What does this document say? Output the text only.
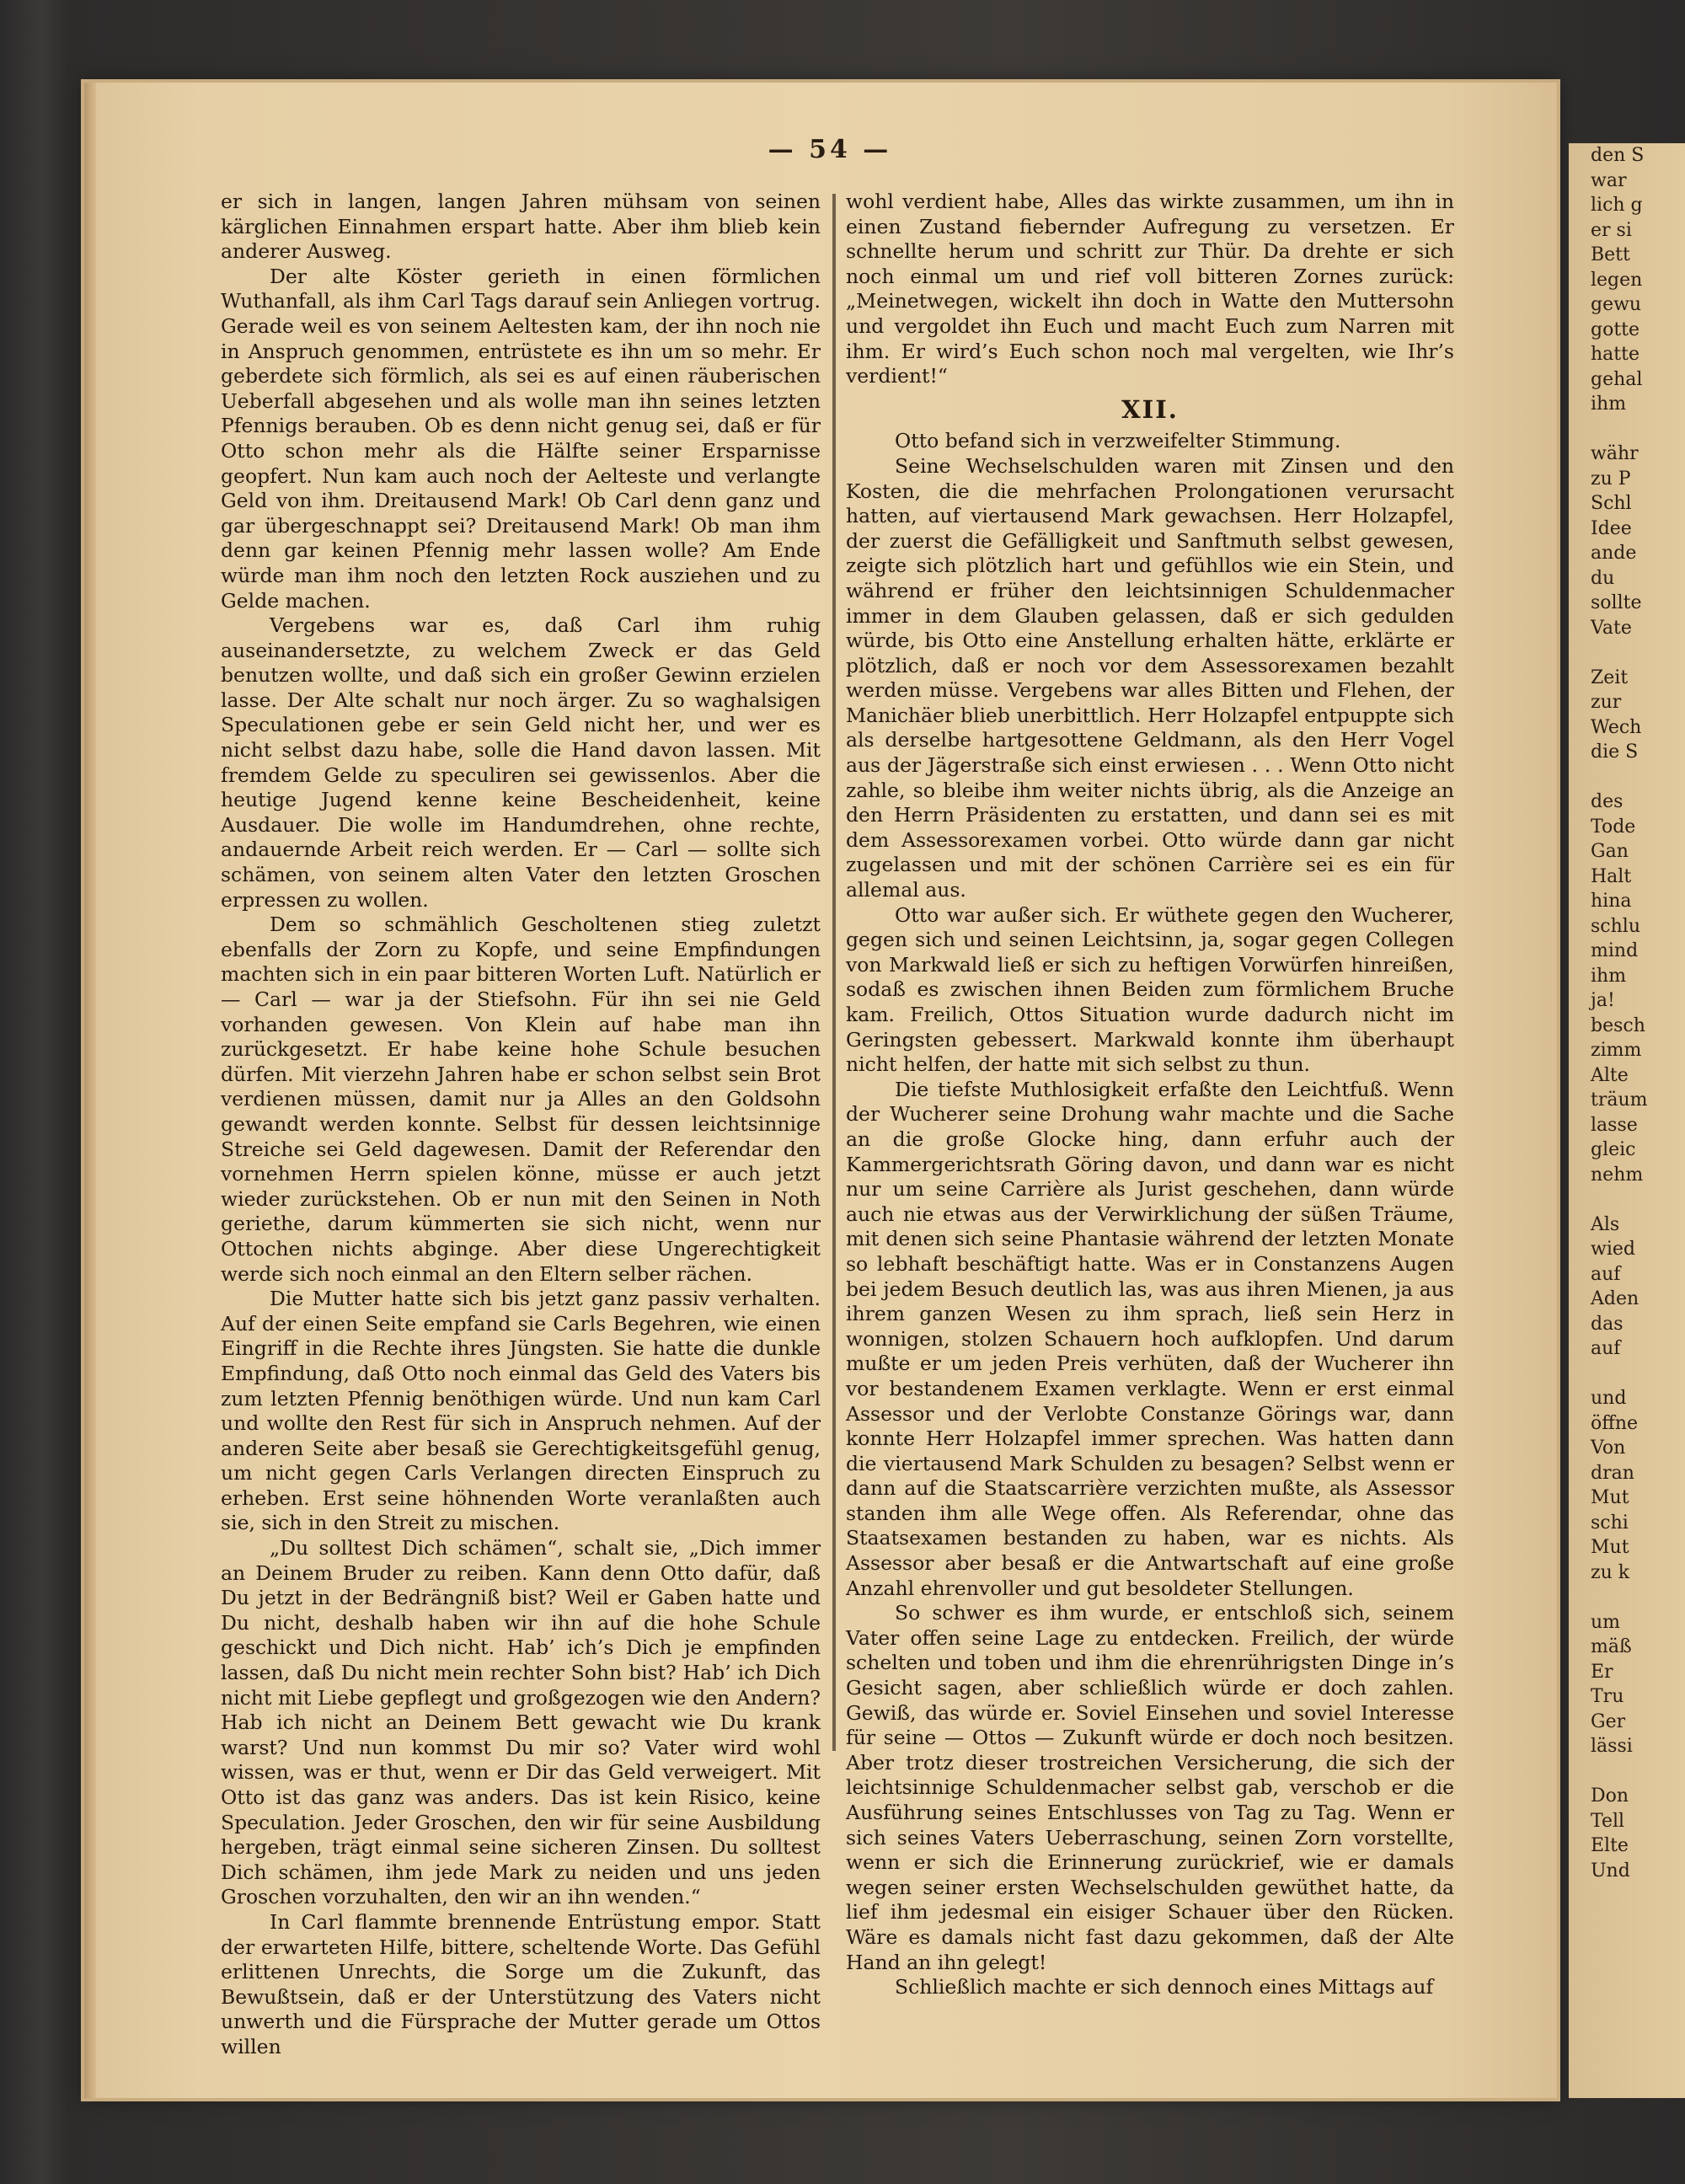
den S
war
lich g
er si
Bett
legen
gewu
gotte
hatte
gehal
ihm
währ
zu P
Schl
Idee
ande
du
sollte
Vate
Zeit
zur
Wech
die S
des
Tode
Gan
Halt
hina
schlu
mind
ihm
ja!
besch
zimm
Alte
träum
lasse
gleic
nehm
Als
wied
auf
Aden
das
auf
und
öffne
Von
dran
Mut
schi
Mut
zu k
um
mäß
Er
Tru
Ger
lässi
Don
Tell
Elte
Und
— 54 —

er sich in langen, langen Jahren mühsam von seinen kärglichen Einnahmen erspart hatte. Aber ihm blieb kein anderer Ausweg.

Der alte Köster gerieth in einen förmlichen Wuthanfall, als ihm Carl Tags darauf sein Anliegen vortrug. Gerade weil es von seinem Aeltesten kam, der ihn noch nie in Anspruch genommen, entrüstete es ihn um so mehr. Er geberdete sich förmlich, als sei es auf einen räuberischen Ueberfall abgesehen und als wolle man ihn seines letzten Pfennigs berauben. Ob es denn nicht genug sei, daß er für Otto schon mehr als die Hälfte seiner Ersparnisse geopfert. Nun kam auch noch der Aelteste und verlangte Geld von ihm. Dreitausend Mark! Ob Carl denn ganz und gar übergeschnappt sei? Dreitausend Mark! Ob man ihm denn gar keinen Pfennig mehr lassen wolle? Am Ende würde man ihm noch den letzten Rock ausziehen und zu Gelde machen.

Vergebens war es, daß Carl ihm ruhig auseinandersetzte, zu welchem Zweck er das Geld benutzen wollte, und daß sich ein großer Gewinn erzielen lasse. Der Alte schalt nur noch ärger. Zu so waghalsigen Speculationen gebe er sein Geld nicht her, und wer es nicht selbst dazu habe, solle die Hand davon lassen. Mit fremdem Gelde zu speculiren sei gewissenlos. Aber die heutige Jugend kenne keine Bescheidenheit, keine Ausdauer. Die wolle im Handumdrehen, ohne rechte, andauernde Arbeit reich werden. Er — Carl — sollte sich schämen, von seinem alten Vater den letzten Groschen erpressen zu wollen.

Dem so schmählich Gescholtenen stieg zuletzt ebenfalls der Zorn zu Kopfe, und seine Empfindungen machten sich in ein paar bitteren Worten Luft. Natürlich er — Carl — war ja der Stiefsohn. Für ihn sei nie Geld vorhanden gewesen. Von Klein auf habe man ihn zurückgesetzt. Er habe keine hohe Schule besuchen dürfen. Mit vierzehn Jahren habe er schon selbst sein Brot verdienen müssen, damit nur ja Alles an den Goldsohn gewandt werden konnte. Selbst für dessen leichtsinnige Streiche sei Geld dagewesen. Damit der Referendar den vornehmen Herrn spielen könne, müsse er auch jetzt wieder zurückstehen. Ob er nun mit den Seinen in Noth geriethe, darum kümmerten sie sich nicht, wenn nur Ottochen nichts abginge. Aber diese Ungerechtigkeit werde sich noch einmal an den Eltern selber rächen.

Die Mutter hatte sich bis jetzt ganz passiv verhalten. Auf der einen Seite empfand sie Carls Begehren, wie einen Eingriff in die Rechte ihres Jüngsten. Sie hatte die dunkle Empfindung, daß Otto noch einmal das Geld des Vaters bis zum letzten Pfennig benöthigen würde. Und nun kam Carl und wollte den Rest für sich in Anspruch nehmen. Auf der anderen Seite aber besaß sie Gerechtigkeitsgefühl genug, um nicht gegen Carls Verlangen directen Einspruch zu erheben. Erst seine höhnenden Worte veranlaßten auch sie, sich in den Streit zu mischen.

„Du solltest Dich schämen“, schalt sie, „Dich immer an Deinem Bruder zu reiben. Kann denn Otto dafür, daß Du jetzt in der Bedrängniß bist? Weil er Gaben hatte und Du nicht, deshalb haben wir ihn auf die hohe Schule geschickt und Dich nicht. Hab’ ich’s Dich je empfinden lassen, daß Du nicht mein rechter Sohn bist? Hab’ ich Dich nicht mit Liebe gepflegt und großgezogen wie den Andern? Hab ich nicht an Deinem Bett gewacht wie Du krank warst? Und nun kommst Du mir so? Vater wird wohl wissen, was er thut, wenn er Dir das Geld verweigert. Mit Otto ist das ganz was anders. Das ist kein Risico, keine Speculation. Jeder Groschen, den wir für seine Ausbildung hergeben, trägt einmal seine sicheren Zinsen. Du solltest Dich schämen, ihm jede Mark zu neiden und uns jeden Groschen vorzuhalten, den wir an ihn wenden.“

In Carl flammte brennende Entrüstung empor. Statt der erwarteten Hilfe, bittere, scheltende Worte. Das Gefühl erlittenen Unrechts, die Sorge um die Zukunft, das Bewußtsein, daß er der Unterstützung des Vaters nicht unwerth und die Fürsprache der Mutter gerade um Ottos willen

wohl verdient habe, Alles das wirkte zusammen, um ihn in einen Zustand fiebernder Aufregung zu versetzen. Er schnellte herum und schritt zur Thür. Da drehte er sich noch einmal um und rief voll bitteren Zornes zurück: „Meinetwegen, wickelt ihn doch in Watte den Muttersohn und vergoldet ihn Euch und macht Euch zum Narren mit ihm. Er wird’s Euch schon noch mal vergelten, wie Ihr’s verdient!“

XII.

Otto befand sich in verzweifelter Stimmung.

Seine Wechselschulden waren mit Zinsen und den Kosten, die die mehrfachen Prolongationen verursacht hatten, auf viertausend Mark gewachsen. Herr Holzapfel, der zuerst die Gefälligkeit und Sanftmuth selbst gewesen, zeigte sich plötzlich hart und gefühllos wie ein Stein, und während er früher den leichtsinnigen Schuldenmacher immer in dem Glauben gelassen, daß er sich gedulden würde, bis Otto eine Anstellung erhalten hätte, erklärte er plötzlich, daß er noch vor dem Assessorexamen bezahlt werden müsse. Vergebens war alles Bitten und Flehen, der Manichäer blieb unerbittlich. Herr Holzapfel entpuppte sich als derselbe hartgesottene Geldmann, als den Herr Vogel aus der Jägerstraße sich einst erwiesen . . . Wenn Otto nicht zahle, so bleibe ihm weiter nichts übrig, als die Anzeige an den Herrn Präsidenten zu erstatten, und dann sei es mit dem Assessorexamen vorbei. Otto würde dann gar nicht zugelassen und mit der schönen Carrière sei es ein für allemal aus.

Otto war außer sich. Er wüthete gegen den Wucherer, gegen sich und seinen Leichtsinn, ja, sogar gegen Collegen von Markwald ließ er sich zu heftigen Vorwürfen hinreißen, sodaß es zwischen ihnen Beiden zum förmlichem Bruche kam. Freilich, Ottos Situation wurde dadurch nicht im Geringsten gebessert. Markwald konnte ihm überhaupt nicht helfen, der hatte mit sich selbst zu thun.

Die tiefste Muthlosigkeit erfaßte den Leichtfuß. Wenn der Wucherer seine Drohung wahr machte und die Sache an die große Glocke hing, dann erfuhr auch der Kammergerichtsrath Göring davon, und dann war es nicht nur um seine Carrière als Jurist geschehen, dann würde auch nie etwas aus der Verwirklichung der süßen Träume, mit denen sich seine Phantasie während der letzten Monate so lebhaft beschäftigt hatte. Was er in Constanzens Augen bei jedem Besuch deutlich las, was aus ihren Mienen, ja aus ihrem ganzen Wesen zu ihm sprach, ließ sein Herz in wonnigen, stolzen Schauern hoch aufklopfen. Und darum mußte er um jeden Preis verhüten, daß der Wucherer ihn vor bestandenem Examen verklagte. Wenn er erst einmal Assessor und der Verlobte Constanze Görings war, dann konnte Herr Holzapfel immer sprechen. Was hatten dann die viertausend Mark Schulden zu besagen? Selbst wenn er dann auf die Staatscarrière verzichten mußte, als Assessor standen ihm alle Wege offen. Als Referendar, ohne das Staatsexamen bestanden zu haben, war es nichts. Als Assessor aber besaß er die Antwartschaft auf eine große Anzahl ehrenvoller und gut besoldeter Stellungen.

So schwer es ihm wurde, er entschloß sich, seinem Vater offen seine Lage zu entdecken. Freilich, der würde schelten und toben und ihm die ehrenrührigsten Dinge in’s Gesicht sagen, aber schließlich würde er doch zahlen. Gewiß, das würde er. Soviel Einsehen und soviel Interesse für seine — Ottos — Zukunft würde er doch noch besitzen. Aber trotz dieser trostreichen Versicherung, die sich der leichtsinnige Schuldenmacher selbst gab, verschob er die Ausführung seines Entschlusses von Tag zu Tag. Wenn er sich seines Vaters Ueberraschung, seinen Zorn vorstellte, wenn er sich die Erinnerung zurückrief, wie er damals wegen seiner ersten Wechselschulden gewüthet hatte, da lief ihm jedesmal ein eisiger Schauer über den Rücken. Wäre es damals nicht fast dazu gekommen, daß der Alte Hand an ihn gelegt!

Schließlich machte er sich dennoch eines Mittags auf
